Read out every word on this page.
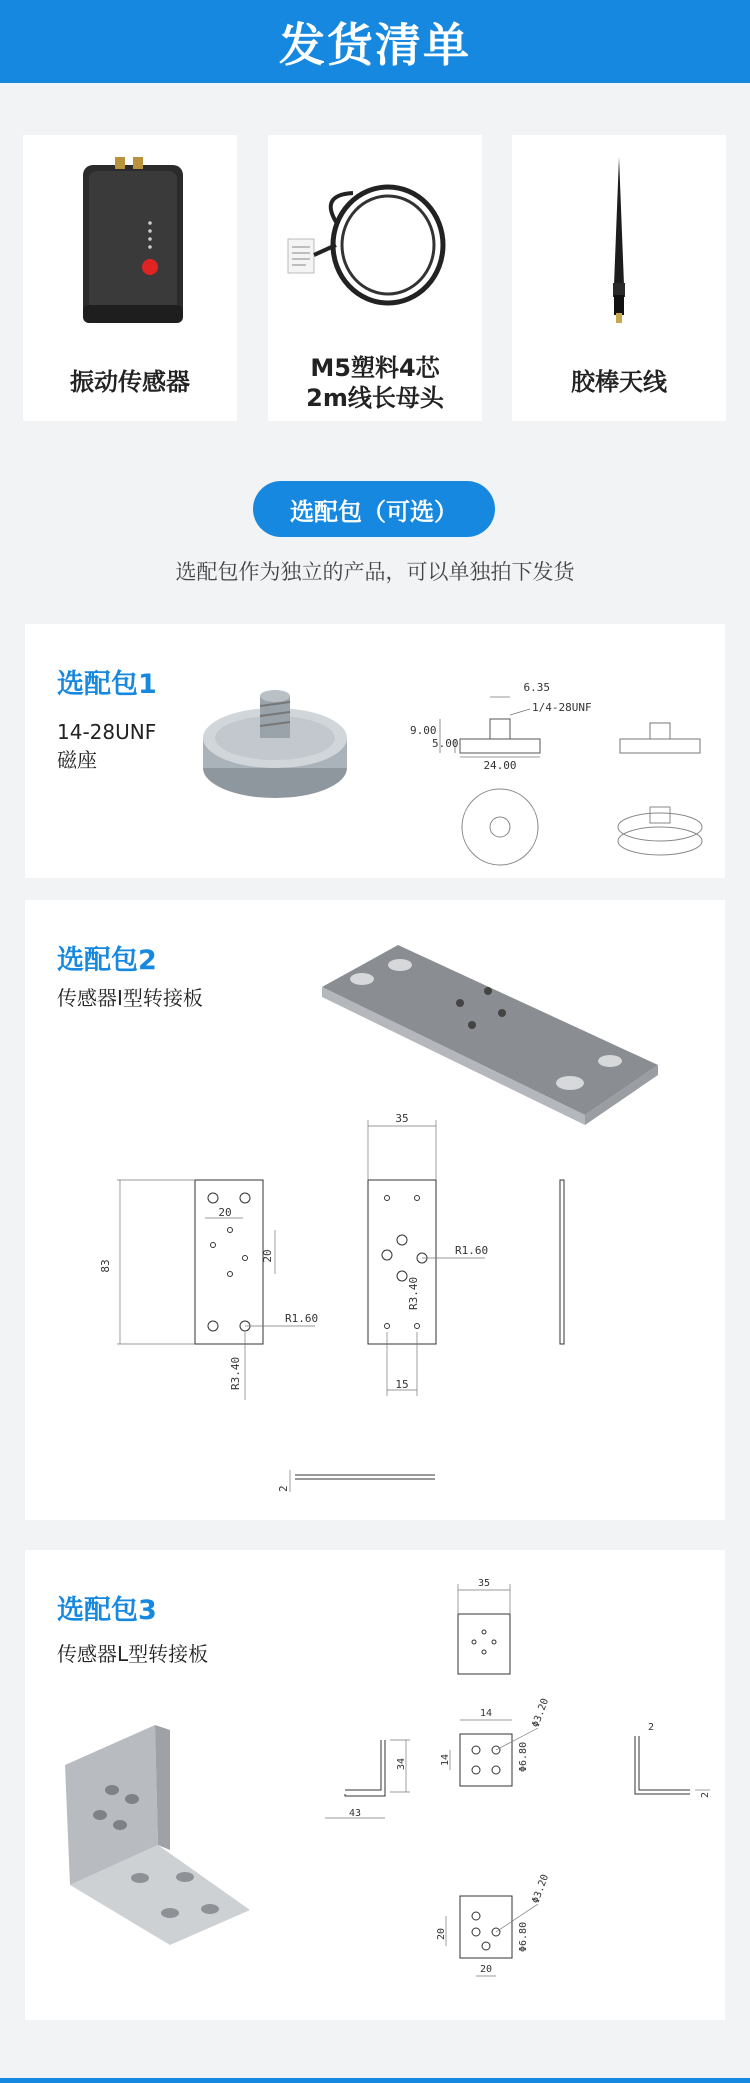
发货清单
振动传感器	M5塑料4芯
2m线长母头
胶棒天线
选配包（可选）
选配包作为独立的产品，可以单独拍下发货
选配包1
14-28UNF
磁座
6.35
1/4-28UNF
9.00
5.00
24.00
选配包2
传感器I型转接板
83
20
20
R1.60
R3.40
35
R1.60
R3.40
15
2
选配包3
传感器L型转接板
35
34
43
14
14
Φ3.20
Φ6.80
2
2
20
20
Φ3.20
Φ6.80
